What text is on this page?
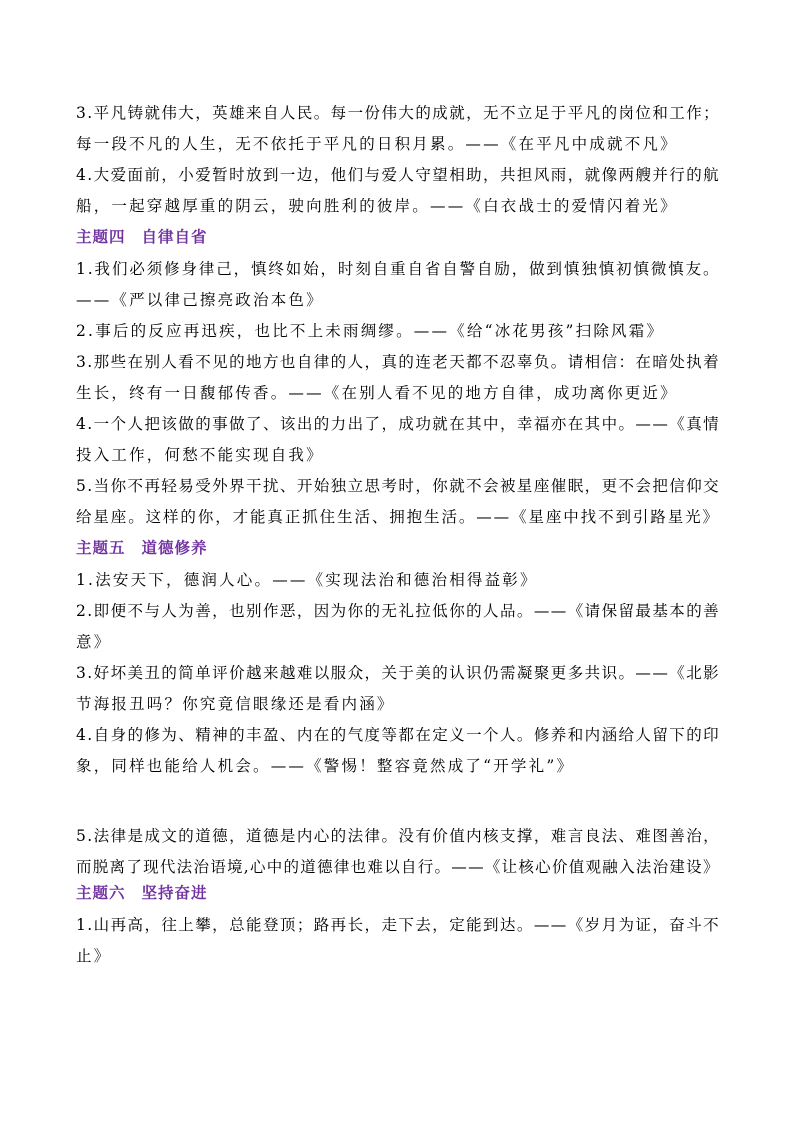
3.平凡铸就伟大，英雄来自人民。每一份伟大的成就，无不立足于平凡的岗位和工作；
每一段不凡的人生，无不依托于平凡的日积月累。——《在平凡中成就不凡》
4.大爱面前，小爱暂时放到一边，他们与爱人守望相助，共担风雨，就像两艘并行的航
船，一起穿越厚重的阴云，驶向胜利的彼岸。——《白衣战士的爱情闪着光》
主题四 自律自省
1.我们必须修身律己，慎终如始，时刻自重自省自警自励，做到慎独慎初慎微慎友。
——《严以律己擦亮政治本色》
2.事后的反应再迅疾，也比不上未雨绸缪。——《给“冰花男孩”扫除风霜》
3.那些在别人看不见的地方也自律的人，真的连老天都不忍辜负。请相信：在暗处执着
生长，终有一日馥郁传香。——《在别人看不见的地方自律，成功离你更近》
4.一个人把该做的事做了、该出的力出了，成功就在其中，幸福亦在其中。——《真情
投入工作，何愁不能实现自我》
5.当你不再轻易受外界干扰、开始独立思考时，你就不会被星座催眠，更不会把信仰交
给星座。这样的你，才能真正抓住生活、拥抱生活。——《星座中找不到引路星光》
主题五 道德修养
1.法安天下，德润人心。——《实现法治和德治相得益彰》
2.即便不与人为善，也别作恶，因为你的无礼拉低你的人品。——《请保留最基本的善
意》
3.好坏美丑的简单评价越来越难以服众，关于美的认识仍需凝聚更多共识。——《北影
节海报丑吗？你究竟信眼缘还是看内涵》
4.自身的修为、精神的丰盈、内在的气度等都在定义一个人。修养和内涵给人留下的印
象，同样也能给人机会。——《警惕！整容竟然成了“开学礼”》
5.法律是成文的道德，道德是内心的法律。没有价值内核支撑，难言良法、难图善治，
而脱离了现代法治语境,心中的道德律也难以自行。——《让核心价值观融入法治建设》
主题六 坚持奋进
1.山再高，往上攀，总能登顶；路再长，走下去，定能到达。——《岁月为证，奋斗不
止》
